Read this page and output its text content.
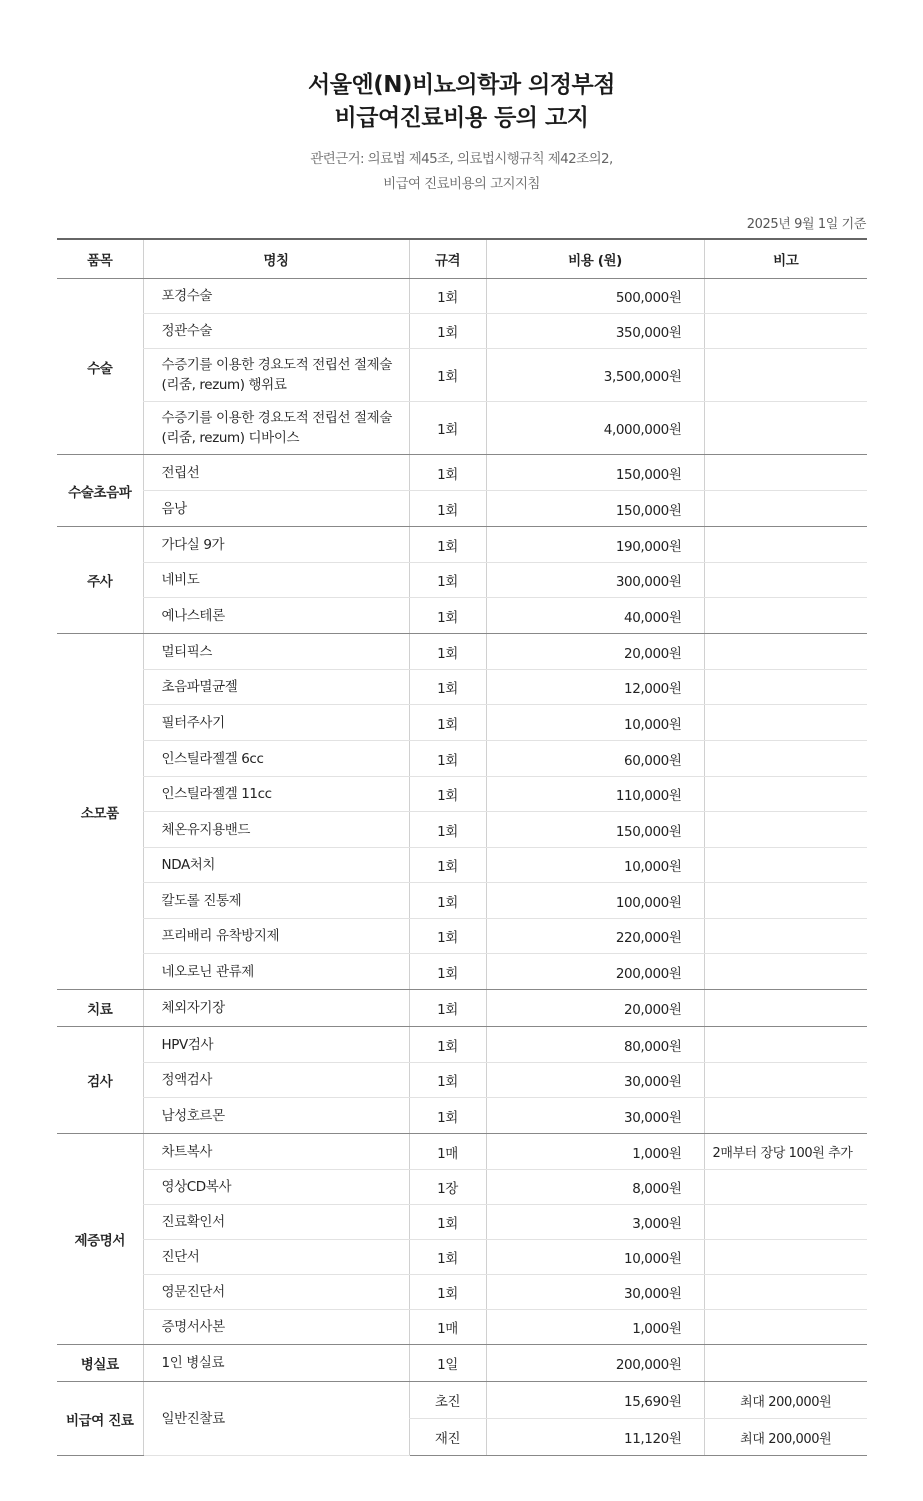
서울엔(N)비뇨의학과 의정부점
비급여진료비용 등의 고지
관련근거: 의료법 제45조, 의료법시행규칙 제42조의2,
비급여 진료비용의 고지지침
2025년 9월 1일 기준
품목	명칭	규격	비용 (원)	비고
수술	포경수술	1회	500,000원	
	정관수술	1회	350,000원	
	수증기를 이용한 경요도적 전립선 절제술 (리줌, rezum) 행위료	1회	3,500,000원	
	수증기를 이용한 경요도적 전립선 절제술 (리줌, rezum) 디바이스	1회	4,000,000원	
수술초음파	전립선	1회	150,000원	
	음낭	1회	150,000원	
주사	가다실 9가	1회	190,000원	
	네비도	1회	300,000원	
	예나스테론	1회	40,000원	
소모품	멀티픽스	1회	20,000원	
	초음파멸균젤	1회	12,000원	
	필터주사기	1회	10,000원	
	인스틸라젤겔 6cc	1회	60,000원	
	인스틸라젤겔 11cc	1회	110,000원	
	체온유지용밴드	1회	150,000원	
	NDA처치	1회	10,000원	
	칼도롤 진통제	1회	100,000원	
	프리배리 유착방지제	1회	220,000원	
	네오로닌 관류제	1회	200,000원	
치료	체외자기장	1회	20,000원	
검사	HPV검사	1회	80,000원	
	정액검사	1회	30,000원	
	남성호르몬	1회	30,000원	
제증명서	차트복사	1매	1,000원	2매부터 장당 100원 추가
	영상CD복사	1장	8,000원	
	진료확인서	1회	3,000원	
	진단서	1회	10,000원	
	영문진단서	1회	30,000원	
	증명서사본	1매	1,000원	
병실료	1인 병실료	1일	200,000원	
비급여 진료	일반진찰료	초진	15,690원	최대 200,000원
		재진	11,120원	최대 200,000원
